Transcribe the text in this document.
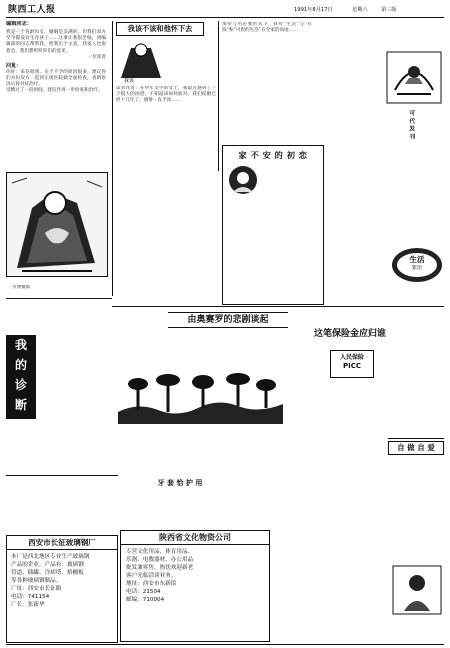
陕西工人报	1991年8月17日	星期六	第三版
编辑同志：
我是一个育龄妇女，婚姻是美满的，但我们双方至今都没有生育孩子……这事让我很苦恼，请编辑部的同志帮帮我，给我出个主意。我爱人也很着急，我们想听听你们的意见。
一位读者
回复：
你好：来信收到。关于不孕的原因很多，建议你们夫妇双方一起到正规医院做全面检查，查明原因后再对症治疗。
受精过了一段时间，建议作进一步检查和治疗。
贝博摄影
我该不该和他怀下去
我该
读者作者：在中年文学的女士，我最近遇到了一个很大的困惑，不知道该如何面对。我们结婚已经十几年了，感情一直平淡……
那份与名必要形式下，我对“生活”与“有钱”和“可贵的生活”在全家的角度……
可代发刊
家 不 安 的 初 恋
生活
絮语
由奥赛罗的悲剧谈起
我
的
诊
断
这笔保险金应归谁
人民保险
PICC
自 做 自 爱
西安市长征玻璃钢厂
本厂是西北地区专业生产玻璃钢
产品的企业，产品有：玻璃钢
管道、储罐、冷却塔、格栅板
等各种玻璃钢制品。
厂址：西安市长征路
电话：741154
厂长：张新华
牙 套 恰 护 用
陕西省文化物资公司
专营文化用品、体育用品、
乐器、电教器材、办公用品
批发兼零售，热忱欢迎新老
客户光临洽谈业务。
地址：西安市东新街
电话：21504
邮编：710004
